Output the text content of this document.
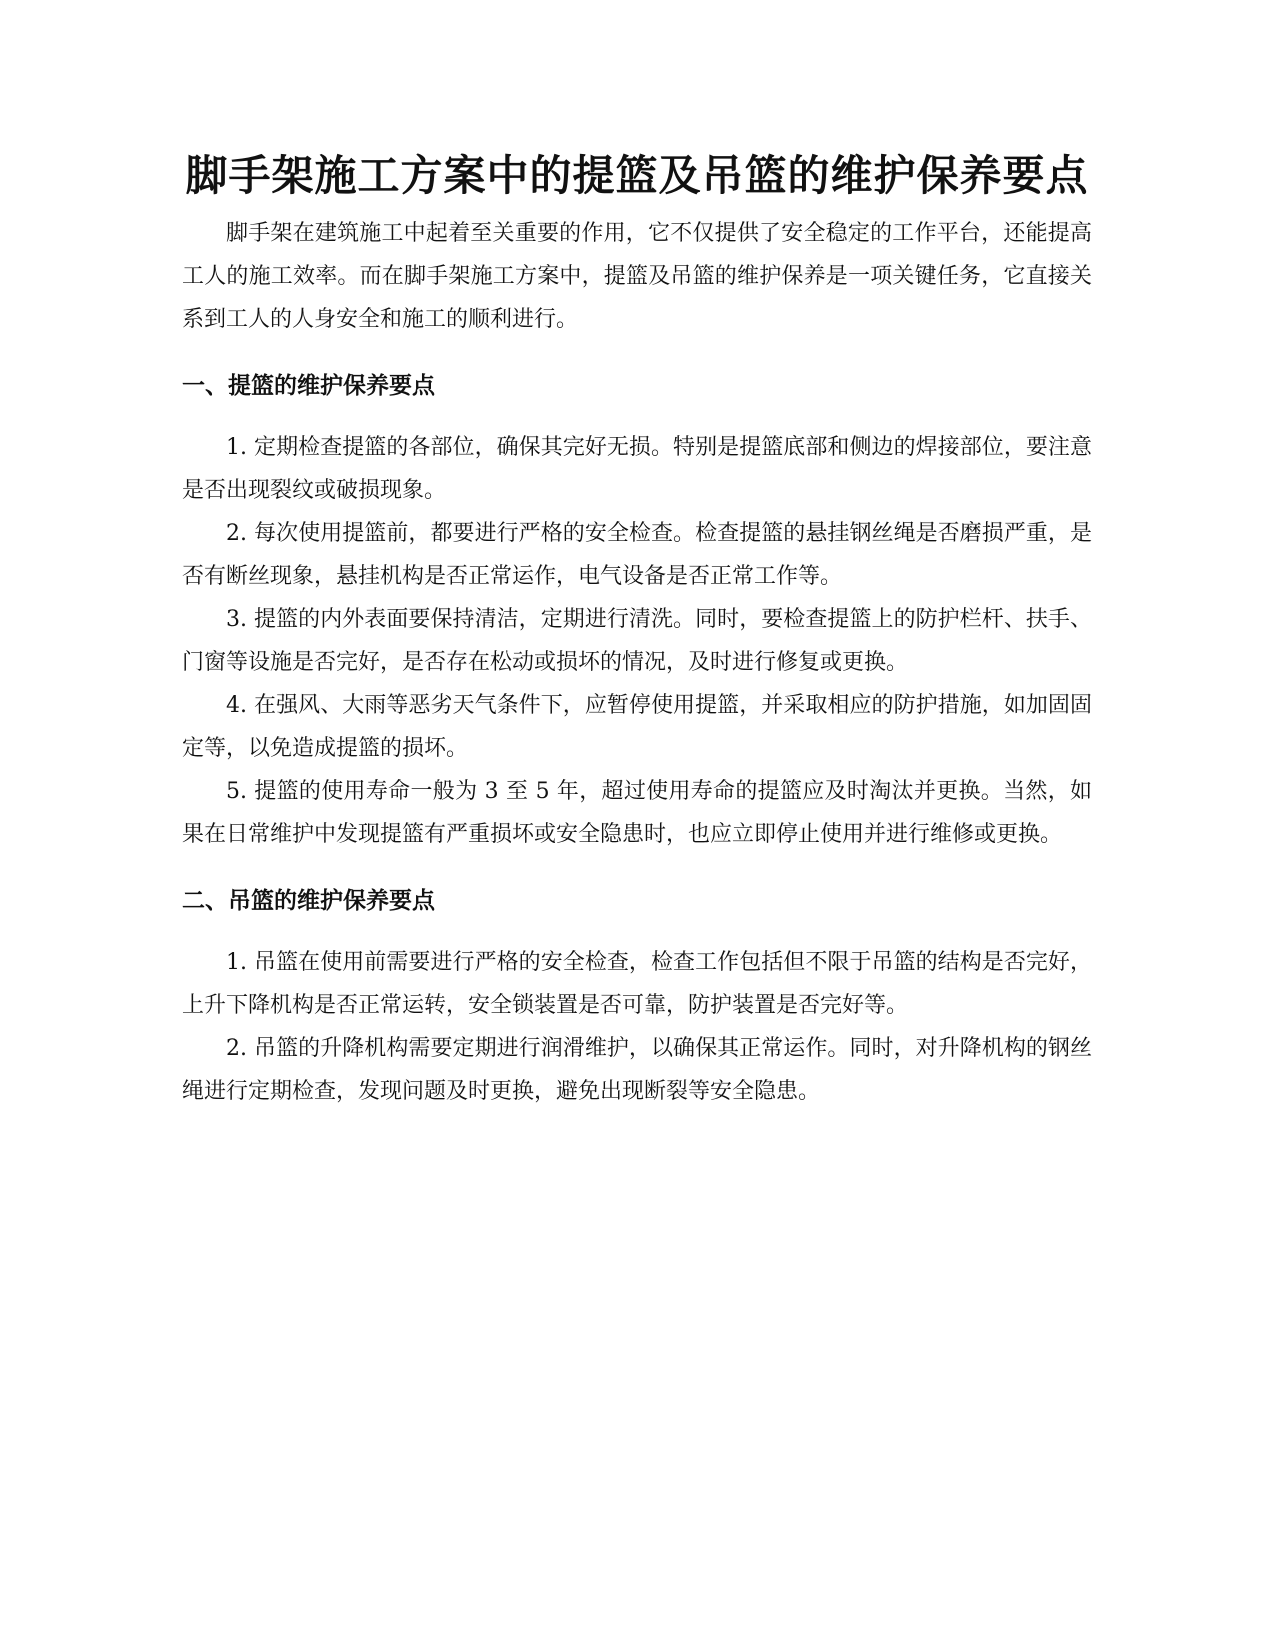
脚手架施工方案中的提篮及吊篮的维护保养要点

脚手架在建筑施工中起着至关重要的作用，它不仅提供了安全稳定的工作平台，还能提高工人的施工效率。而在脚手架施工方案中，提篮及吊篮的维护保养是一项关键任务，它直接关系到工人的人身安全和施工的顺利进行。

一、提篮的维护保养要点

1. 定期检查提篮的各部位，确保其完好无损。特别是提篮底部和侧边的焊接部位，要注意是否出现裂纹或破损现象。

2. 每次使用提篮前，都要进行严格的安全检查。检查提篮的悬挂钢丝绳是否磨损严重，是否有断丝现象，悬挂机构是否正常运作，电气设备是否正常工作等。

3. 提篮的内外表面要保持清洁，定期进行清洗。同时，要检查提篮上的防护栏杆、扶手、门窗等设施是否完好，是否存在松动或损坏的情况，及时进行修复或更换。

4. 在强风、大雨等恶劣天气条件下，应暂停使用提篮，并采取相应的防护措施，如加固固定等，以免造成提篮的损坏。

5. 提篮的使用寿命一般为 3 至 5 年，超过使用寿命的提篮应及时淘汰并更换。当然，如果在日常维护中发现提篮有严重损坏或安全隐患时，也应立即停止使用并进行维修或更换。

二、吊篮的维护保养要点

1. 吊篮在使用前需要进行严格的安全检查，检查工作包括但不限于吊篮的结构是否完好，上升下降机构是否正常运转，安全锁装置是否可靠，防护装置是否完好等。

2. 吊篮的升降机构需要定期进行润滑维护，以确保其正常运作。同时，对升降机构的钢丝绳进行定期检查，发现问题及时更换，避免出现断裂等安全隐患。
